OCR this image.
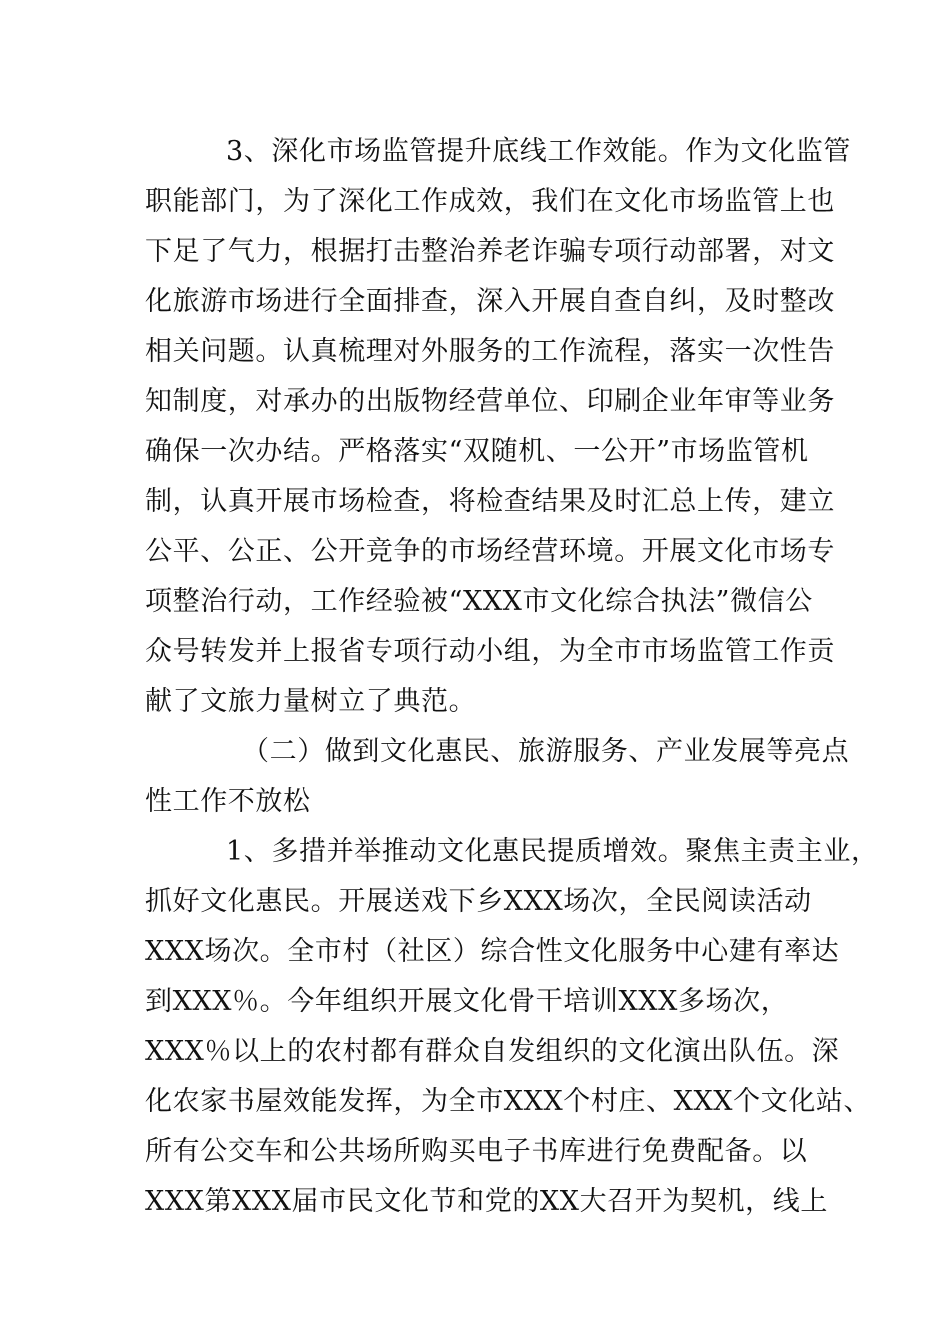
3、深化市场监管提升底线工作效能。作为文化监管
职能部门，为了深化工作成效，我们在文化市场监管上也
下足了气力，根据打击整治养老诈骗专项行动部署，对文
化旅游市场进行全面排查，深入开展自查自纠，及时整改
相关问题。认真梳理对外服务的工作流程，落实一次性告
知制度，对承办的出版物经营单位、印刷企业年审等业务
确保一次办结。严格落实“双随机、一公开”市场监管机
制，认真开展市场检查，将检查结果及时汇总上传，建立
公平、公正、公开竞争的市场经营环境。开展文化市场专
项整治行动，工作经验被“XXX市文化综合执法”微信公
众号转发并上报省专项行动小组，为全市市场监管工作贡
献了文旅力量树立了典范。
（二）做到文化惠民、旅游服务、产业发展等亮点
性工作不放松
1、多措并举推动文化惠民提质增效。聚焦主责主业，
抓好文化惠民。开展送戏下乡XXX场次，全民阅读活动
XXX场次。全市村（社区）综合性文化服务中心建有率达
到XXX％。今年组织开展文化骨干培训XXX多场次，
XXX％以上的农村都有群众自发组织的文化演出队伍。深
化农家书屋效能发挥，为全市XXX个村庄、XXX个文化站、
所有公交车和公共场所购买电子书库进行免费配备。以
XXX第XXX届市民文化节和党的XX大召开为契机，线上
